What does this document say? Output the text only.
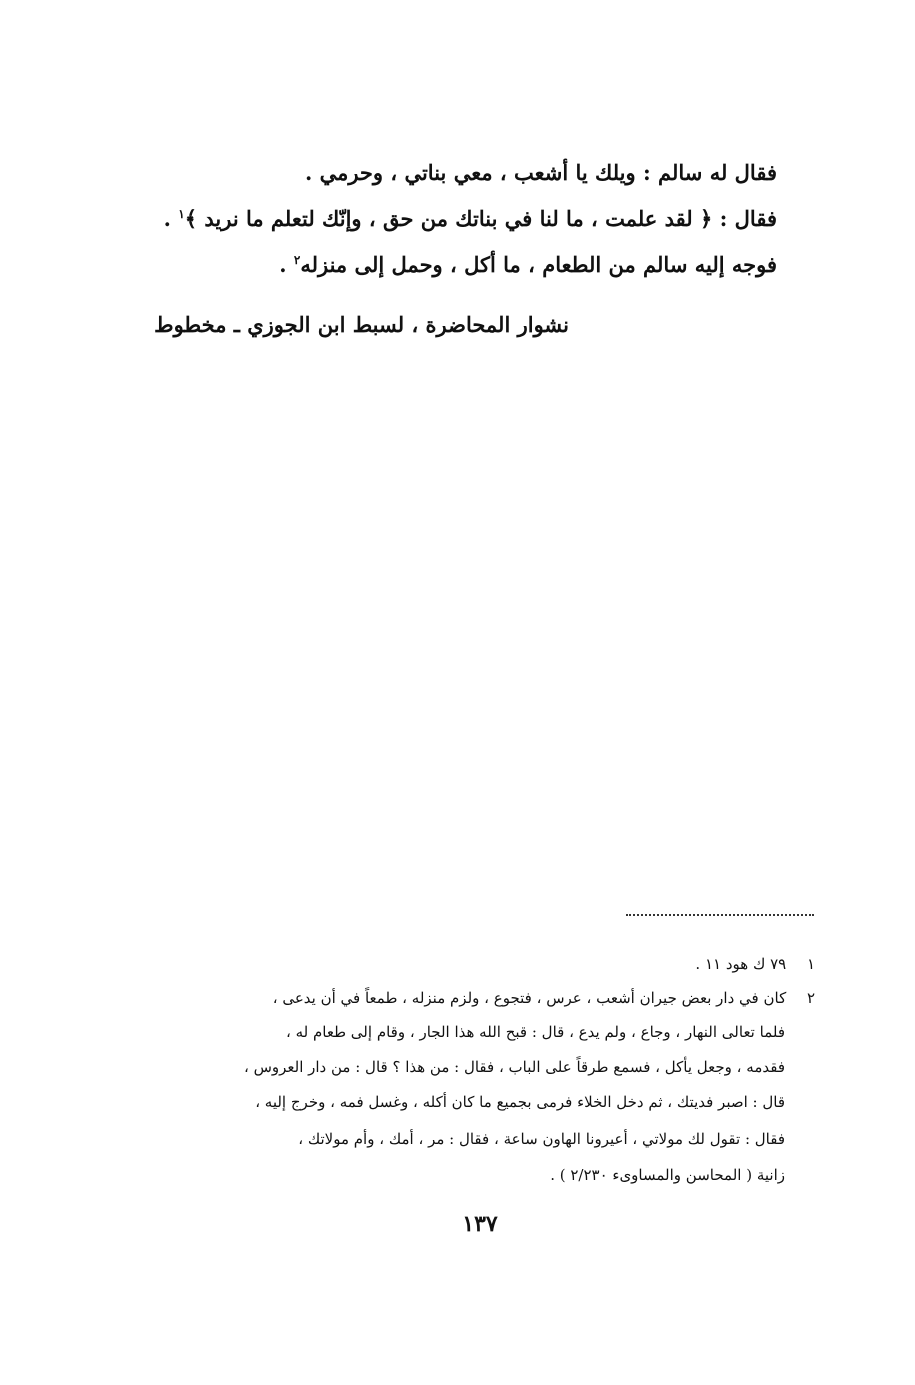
فقال له سالم : ويلك يا أشعب ، معي بناتي ، وحرمي .
فقال : ﴿ لقد علمت ، ما لنا في بناتك من حق ، وإنّك لتعلم ما نريد ﴾$^١$ .
فوجه إليه سالم من الطعام ، ما أكل ، وحمل إلى منزله$^٢$ .
نشوار المحاضرة ، لسبط ابن الجوزي ـ مخطوط
١ ٧٩ ك هود ١١ .
٢ كان في دار بعض جيران أشعب ، عرس ، فتجوع ، ولزم منزله ، طمعاً في أن يدعى ،
فلما تعالى النهار ، وجاع ، ولم يدع ، قال : قبح الله هذا الجار ، وقام إلى طعام له ،
فقدمه ، وجعل يأكل ، فسمع طرقاً على الباب ، فقال : من هذا ؟ قال : من دار العروس ،
قال : اصبر فديتك ، ثم دخل الخلاء فرمى بجميع ما كان أكله ، وغسل فمه ، وخرج إليه ،
فقال : تقول لك مولاتي ، أعيرونا الهاون ساعة ، فقال : مر ، أمك ، وأم مولاتك ،
زانية ( المحاسن والمساوىء ٢/٢٣٠ ) .
١٣٧
